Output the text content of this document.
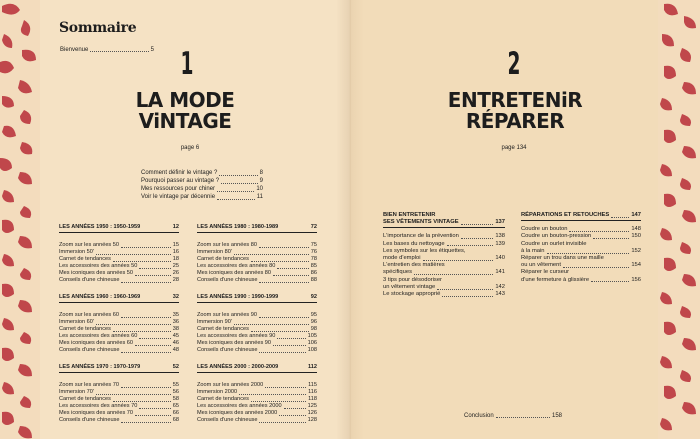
Sommaire
Bienvenue	5 1
LA MODE
ViNTAGE
page 6
Comment définir le vintage ?	8
Pourquoi passer au vintage ?	9
Mes ressources pour chiner	10
Voir le vintage par décennie	11
LES ANNÉES 1950 : 1950-1959	12
Zoom sur les années 50	15
Immersion 50'	16
Carnet de tendances	18
Les accessoires des années 50	25
Mes iconiques des années 50	26
Conseils d'une chineuse	28
LES ANNÉES 1980 : 1980-1989	72
Zoom sur les années 80	75
Immersion 80'	76
Carnet de tendances	78
Les accessoires des années 80	85
Mes iconiques des années 80	86
Conseils d'une chineuse	88
LES ANNÉES 1960 : 1960-1969	32
Zoom sur les années 60	35
Immersion 60'	36
Carnet de tendances	38
Les accessoires des années 60	45
Mes iconiques des années 60	46
Conseils d'une chineuse	48
LES ANNÉES 1990 : 1990-1999	92
Zoom sur les années 90	95
Immersion 90'	96
Carnet de tendances	98
Les accessoires des années 90	105
Mes iconiques des années 90	106
Conseils d'une chineuse	108
LES ANNÉES 1970 : 1970-1979	52
Zoom sur les années 70	55
Immersion 70'	56
Carnet de tendances	58
Les accessoires des années 70	65
Mes iconiques des années 70	66
Conseils d'une chineuse	68
LES ANNÉES 2000 : 2000-2009	112
Zoom sur les années 2000	115
Immersion 2000	116
Carnet de tendances	118
Les accessoires des années 2000	125
Mes iconiques des années 2000	126
Conseils d'une chineuse	128
2
ENTRETENiR
RÉPARER
page 134
BIEN ENTRETENIR
SES VÊTEMENTS VINTAGE	137
L'importance de la prévention	138
Les bases du nettoyage	139
Les symboles sur les étiquettes,
mode d'emploi	140
L'entretien des matières
spécifiques	141
3 tips pour désodoriser
un vêtement vintage	142
Le stockage approprié	143
RÉPARATIONS ET RETOUCHES	147
Coudre un bouton	148
Coudre un bouton-pression	150
Coudre un ourlet invisible
à la main	152
Réparer un trou dans une maille
ou un vêtement	154
Réparer le curseur
d'une fermeture à glissière	156
Conclusion	158
